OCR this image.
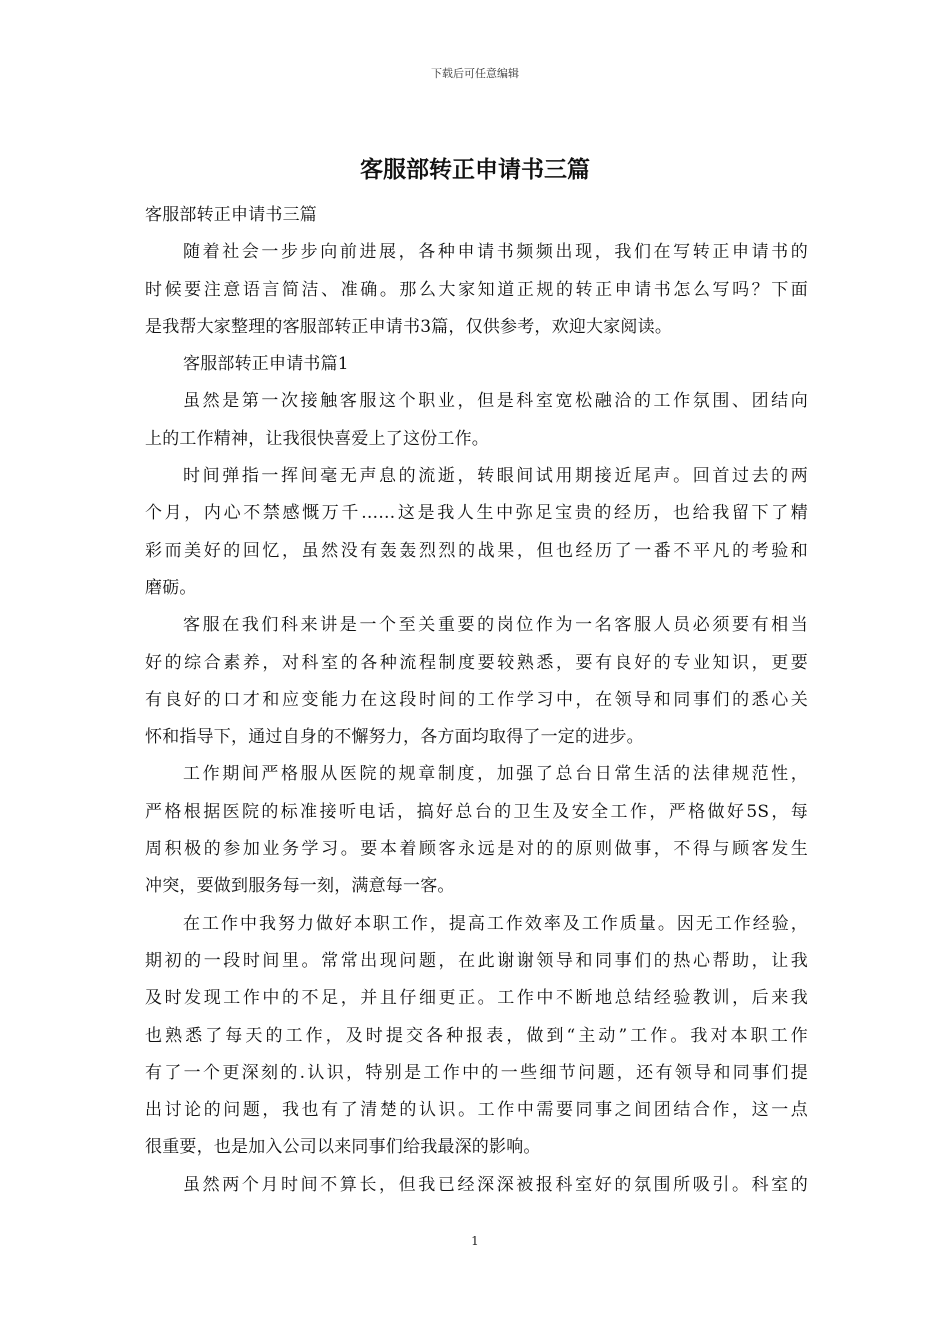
下载后可任意编辑
客服部转正申请书三篇

客服部转正申请书三篇

随着社会一步步向前进展，各种申请书频频出现，我们在写转正申请书的

时候要注意语言简洁、准确。那么大家知道正规的转正申请书怎么写吗？下面

是我帮大家整理的客服部转正申请书3篇，仅供参考，欢迎大家阅读。

客服部转正申请书篇1

虽然是第一次接触客服这个职业，但是科室宽松融洽的工作氛围、团结向

上的工作精神，让我很快喜爱上了这份工作。

时间弹指一挥间毫无声息的流逝，转眼间试用期接近尾声。回首过去的两

个月，内心不禁感慨万千……这是我人生中弥足宝贵的经历，也给我留下了精

彩而美好的回忆，虽然没有轰轰烈烈的战果，但也经历了一番不平凡的考验和

磨砺。

客服在我们科来讲是一个至关重要的岗位作为一名客服人员必须要有相当

好的综合素养，对科室的各种流程制度要较熟悉，要有良好的专业知识，更要

有良好的口才和应变能力在这段时间的工作学习中，在领导和同事们的悉心关

怀和指导下，通过自身的不懈努力，各方面均取得了一定的进步。

工作期间严格服从医院的规章制度，加强了总台日常生活的法律规范性，

严格根据医院的标准接听电话，搞好总台的卫生及安全工作，严格做好5S，每

周积极的参加业务学习。要本着顾客永远是对的的原则做事，不得与顾客发生

冲突，要做到服务每一刻，满意每一客。

在工作中我努力做好本职工作，提高工作效率及工作质量。因无工作经验，

期初的一段时间里。常常出现问题，在此谢谢领导和同事们的热心帮助，让我

及时发现工作中的不足，并且仔细更正。工作中不断地总结经验教训，后来我

也熟悉了每天的工作，及时提交各种报表，做到“主动”工作。我对本职工作

有了一个更深刻的.认识，特别是工作中的一些细节问题，还有领导和同事们提

出讨论的问题，我也有了清楚的认识。工作中需要同事之间团结合作，这一点

很重要，也是加入公司以来同事们给我最深的影响。

虽然两个月时间不算长，但我已经深深被报科室好的氛围所吸引。科室的

1
